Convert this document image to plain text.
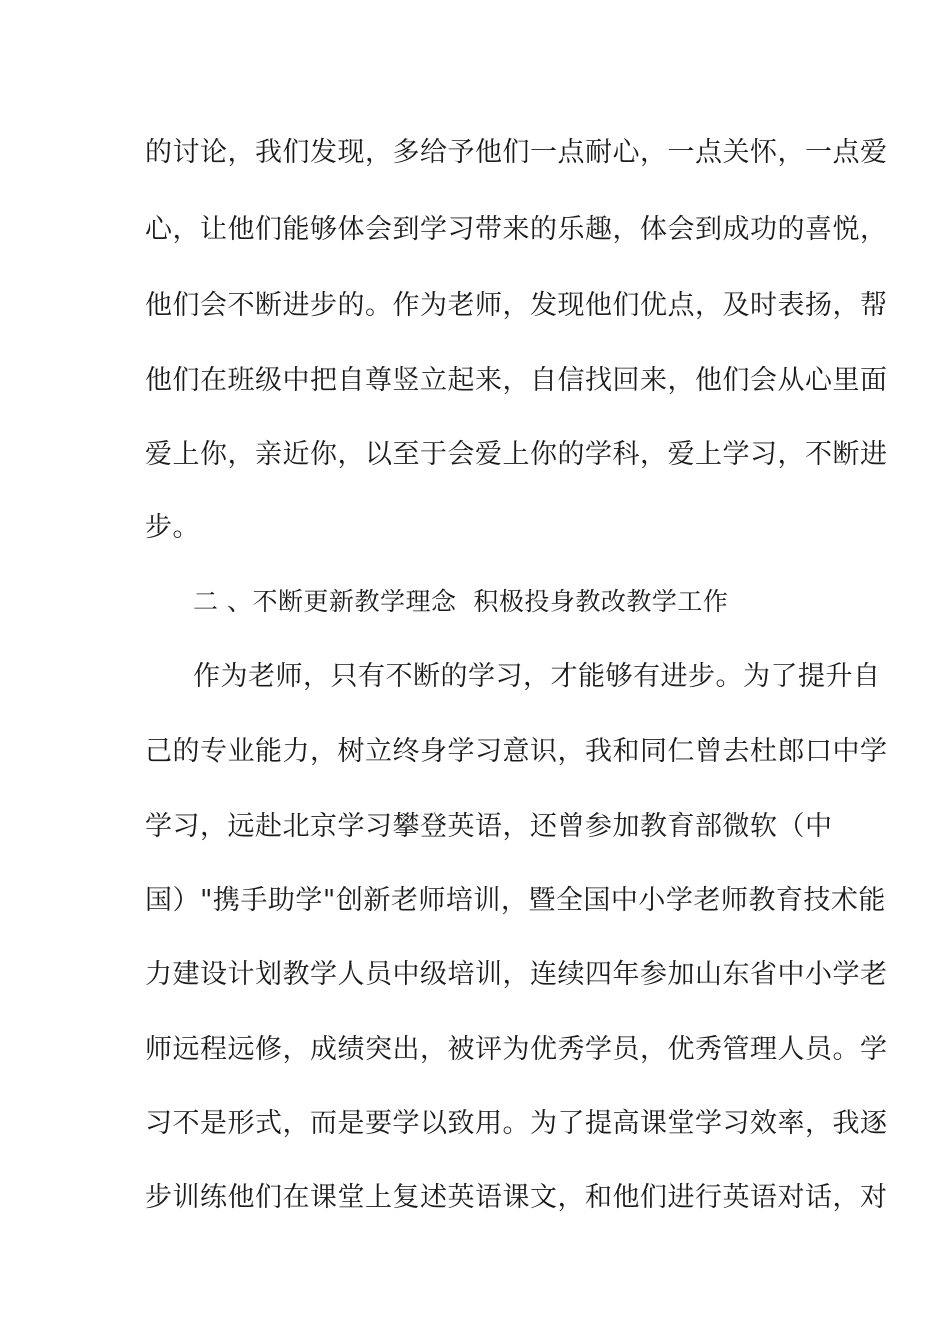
的讨论，我们发现，多给予他们一点耐心，一点关怀，一点爱
心，让他们能够体会到学习带来的乐趣，体会到成功的喜悦，
他们会不断进步的。作为老师，发现他们优点，及时表扬，帮
他们在班级中把自尊竖立起来，自信找回来，他们会从心里面
爱上你，亲近你，以至于会爱上你的学科，爱上学习，不断进
步。
二 、不断更新教学理念  积极投身教改教学工作
作为老师，只有不断的学习，才能够有进步。为了提升自
己的专业能力，树立终身学习意识，我和同仁曾去杜郎口中学
学习，远赴北京学习攀登英语，还曾参加教育部微软（中
国）"携手助学"创新老师培训，暨全国中小学老师教育技术能
力建设计划教学人员中级培训，连续四年参加山东省中小学老
师远程远修，成绩突出，被评为优秀学员，优秀管理人员。学
习不是形式，而是要学以致用。为了提高课堂学习效率，我逐
步训练他们在课堂上复述英语课文，和他们进行英语对话，对
